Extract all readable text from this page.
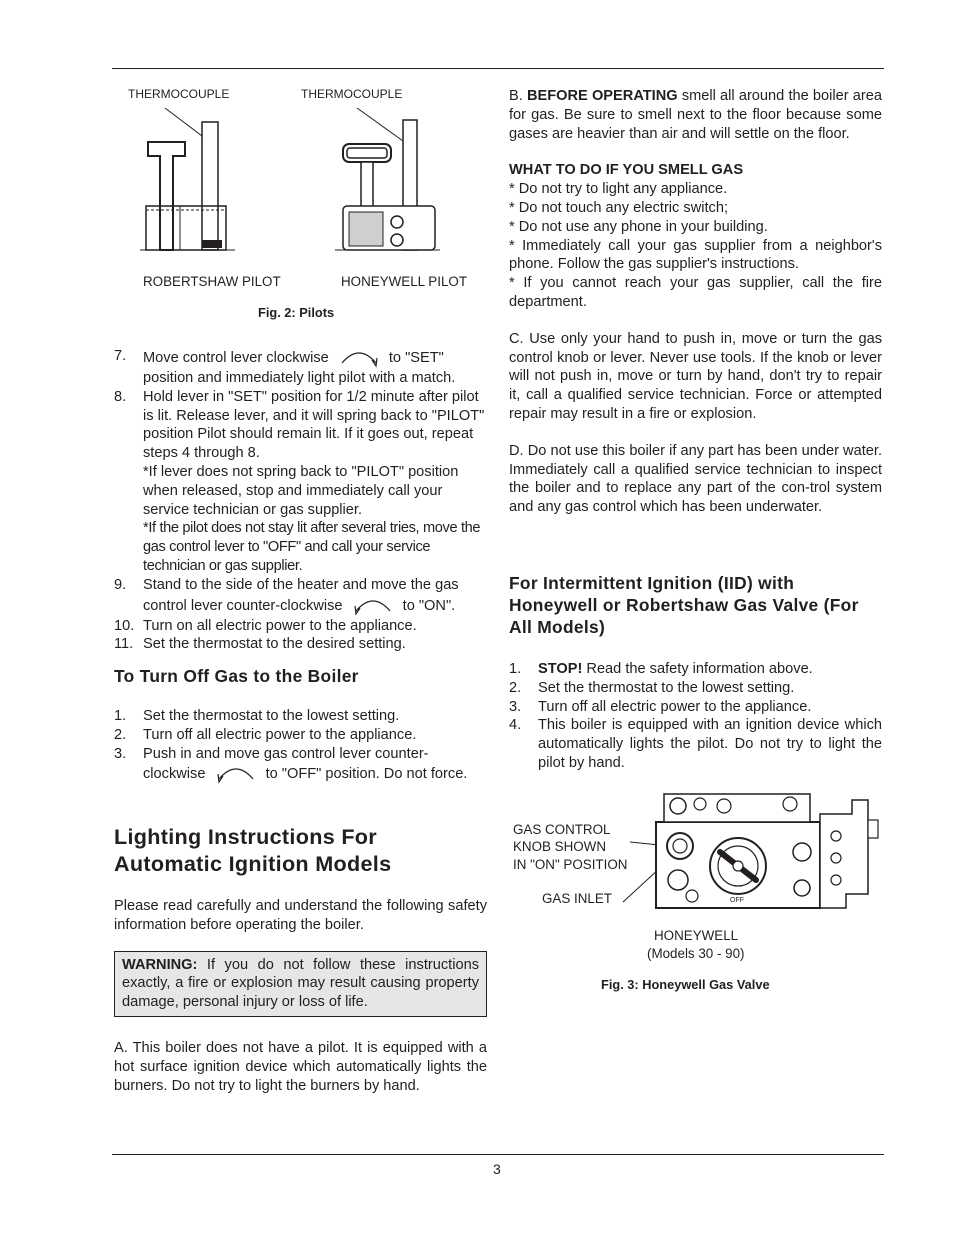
THERMOCOUPLE	THERMOCOUPLE
ROBERTSHAW PILOT	HONEYWELL PILOT
Fig. 2: Pilots
7. Move control lever clockwise	to "SET" position and immediately light pilot with a match.
8. Hold lever in "SET" position for 1/2 minute after pilot is lit. Release lever, and it will spring back to "PILOT" position Pilot should remain lit. If it goes out, repeat steps 4 through 8.
*If lever does not spring back to "PILOT" position when released, stop and immediately call your service technician or gas supplier.
*If the pilot does not stay lit after several tries, move the gas control lever to "OFF" and call your service technician or gas supplier.
9. Stand to the side of the heater and move the gas control lever counter-clockwise	to "ON".
10. Turn on all electric power to the appliance.
11. Set the thermostat to the desired setting.
To Turn Off Gas to the Boiler
1. Set the thermostat to the lowest setting.
2. Turn off all electric power to the appliance.
3. Push in and move gas control lever counter-clockwise	to "OFF" position. Do not force.
Lighting Instructions For Automatic Ignition Models

Please read carefully and understand the following safety information before operating the boiler.

WARNING: If you do not follow these instructions exactly, a fire or explosion may result causing property damage, personal injury or loss of life.

A. This boiler does not have a pilot. It is equipped with a hot surface ignition device which automatically lights the burners. Do not try to light the burners by hand.

B. BEFORE OPERATING smell all around the boiler area for gas. Be sure to smell next to the floor because some gases are heavier than air and will settle on the floor.

WHAT TO DO IF YOU SMELL GAS
* Do not try to light any appliance.
* Do not touch any electric switch;
* Do not use any phone in your building.
* Immediately call your gas supplier from a neighbor's phone. Follow the gas supplier's instructions.
* If you cannot reach your gas supplier, call the fire department.

C. Use only your hand to push in, move or turn the gas control knob or lever. Never use tools. If the knob or lever will not push in, move or turn by hand, don't try to repair it, call a qualified service technician. Force or attempted repair may result in a fire or explosion.

D. Do not use this boiler if any part has been under water. Immediately call a qualified service technician to inspect the boiler and to replace any part of the con-trol system and any gas control which has been underwater.

For Intermittent Ignition (IID) with Honeywell or Robertshaw Gas Valve (For All Models)
1. STOP! Read the safety information above.
2. Set the thermostat to the lowest setting.
3. Turn off all electric power to the appliance.
4. This boiler is equipped with an ignition device which automatically lights the pilot. Do not try to light the pilot by hand.
GAS CONTROL
KNOB SHOWN
IN "ON" POSITION
GAS INLET	OFF
HONEYWELL
(Models 30 - 90)
Fig. 3: Honeywell Gas Valve
3
